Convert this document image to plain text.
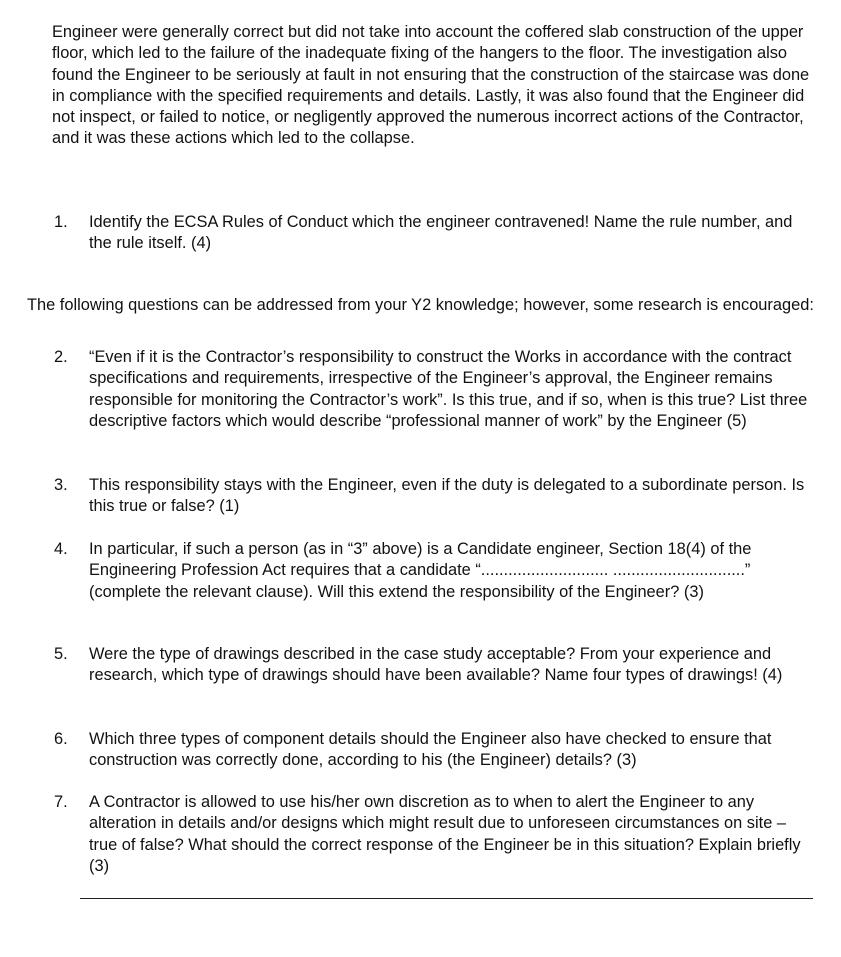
Engineer were generally correct but did not take into account the coffered slab construction of the upper floor, which led to the failure of the inadequate fixing of the hangers to the floor. The investigation also found the Engineer to be seriously at fault in not ensuring that the construction of the staircase was done in compliance with the specified requirements and details. Lastly, it was also found that the Engineer did not inspect, or failed to notice, or negligently approved the numerous incorrect actions of the Contractor, and it was these actions which led to the collapse.

1.	Identify the ECSA Rules of Conduct which the engineer contravened! Name the rule number, and the rule itself. (4)

The following questions can be addressed from your Y2 knowledge; however, some research is encouraged:

2.	“Even if it is the Contractor’s responsibility to construct the Works in accordance with the contract specifications and requirements, irrespective of the Engineer’s approval, the Engineer remains responsible for monitoring the Contractor’s work”. Is this true, and if so, when is this true? List three descriptive factors which would describe “professional manner of work” by the Engineer (5)
3.	This responsibility stays with the Engineer, even if the duty is delegated to a subordinate person. Is this true or false? (1)
4.	In particular, if such a person (as in “3” above) is a Candidate engineer, Section 18(4) of the Engineering Profession Act requires that a candidate “............................ .............................” (complete the relevant clause). Will this extend the responsibility of the Engineer? (3)
5.	Were the type of drawings described in the case study acceptable? From your experience and research, which type of drawings should have been available? Name four types of drawings! (4)
6.	Which three types of component details should the Engineer also have checked to ensure that construction was correctly done, according to his (the Engineer) details? (3)
7.	A Contractor is allowed to use his/her own discretion as to when to alert the Engineer to any alteration in details and/or designs which might result due to unforeseen circumstances on site – true of false? What should the correct response of the Engineer be in this situation? Explain briefly (3)
